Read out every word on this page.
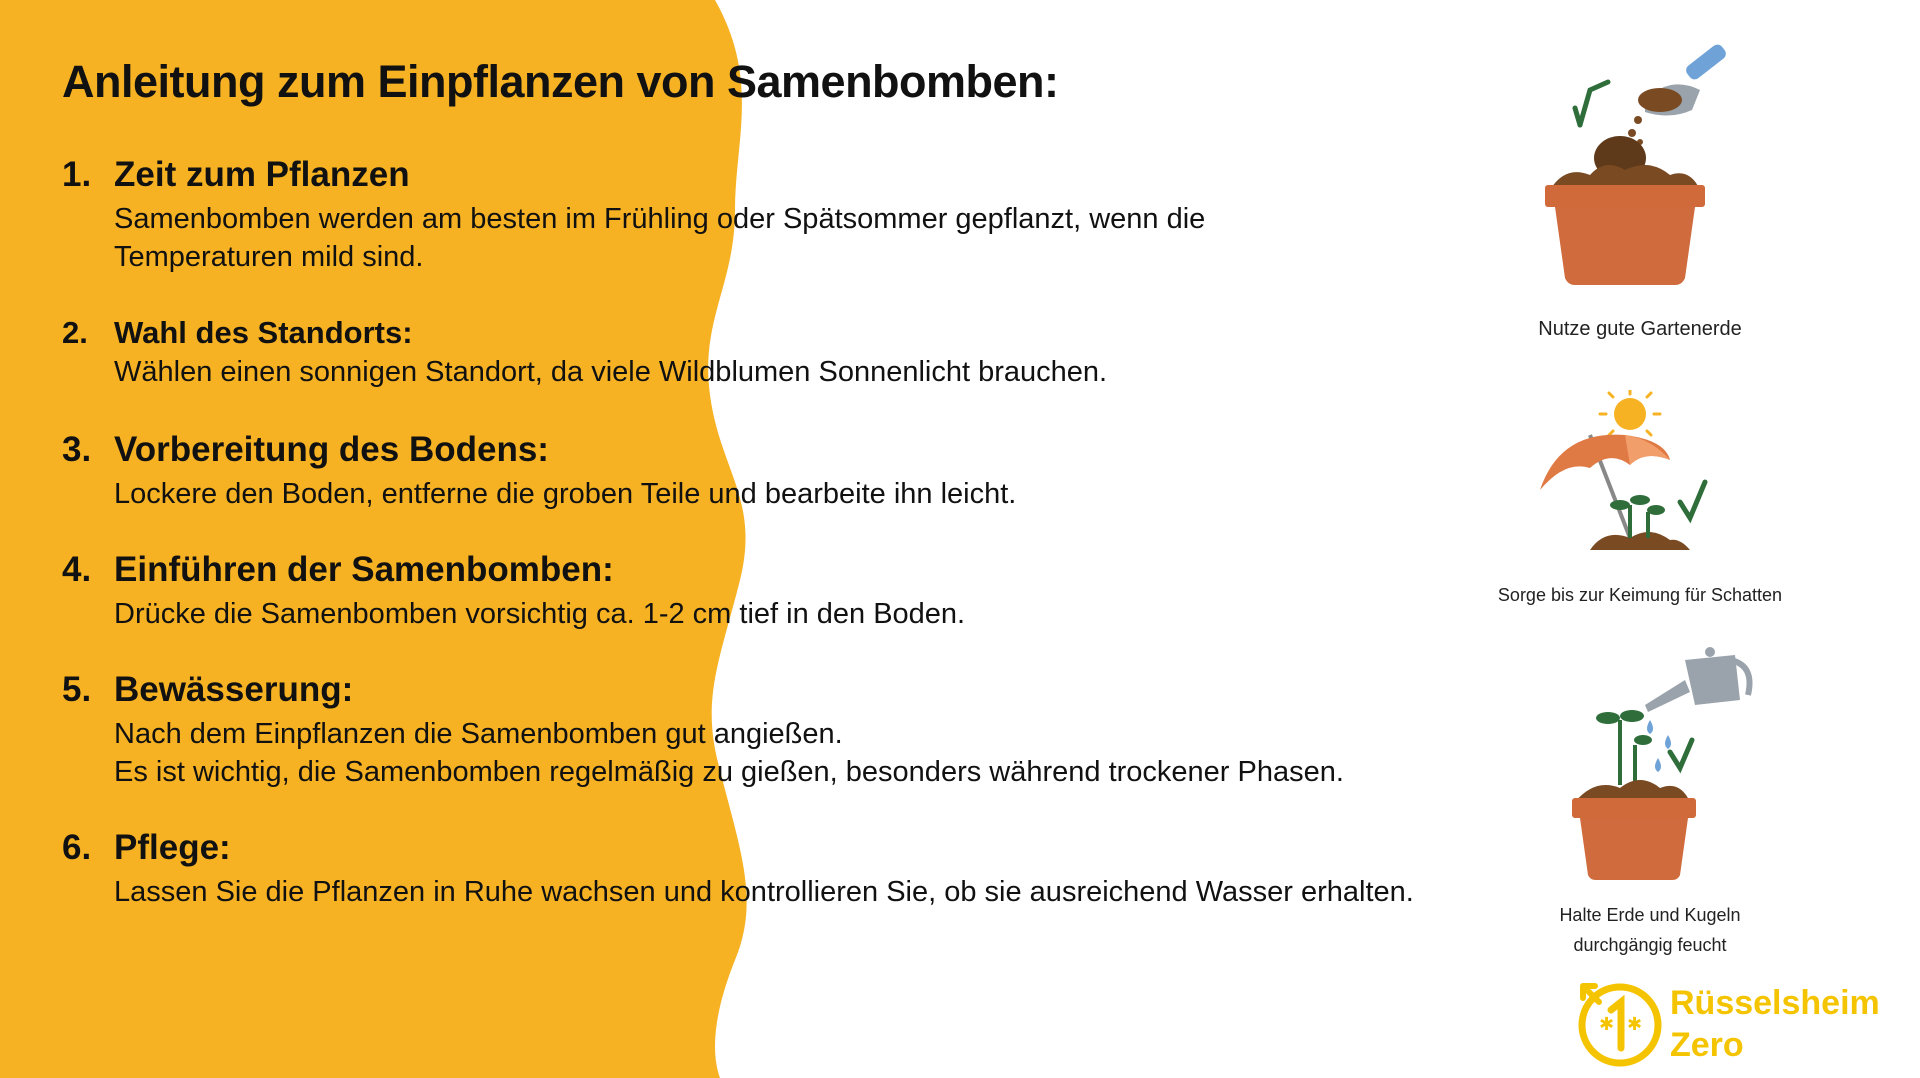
Anleitung zum Einpflanzen von Samenbomben:
1. Zeit zum Pflanzen
Samenbomben werden am besten im Frühling oder Spätsommer gepflanzt, wenn die
Temperaturen mild sind.
2. Wahl des Standorts:
Wählen einen sonnigen Standort, da viele Wildblumen Sonnenlicht brauchen.
3. Vorbereitung des Bodens:
Lockere den Boden, entferne die groben Teile und bearbeite ihn leicht.
4. Einführen der Samenbomben:
Drücke die Samenbomben vorsichtig ca. 1-2 cm tief in den Boden.
5. Bewässerung:
Nach dem Einpflanzen die Samenbomben gut angießen.
Es ist wichtig, die Samenbomben regelmäßig zu gießen, besonders während trockener Phasen.
6. Pflege:
Lassen Sie die Pflanzen in Ruhe wachsen und kontrollieren Sie, ob sie ausreichend Wasser erhalten.
Nutze gute Gartenerde
Sorge bis zur Keimung für Schatten
Halte Erde und Kugeln
durchgängig feucht
✱ ✱
Rüsselsheim
Zero
